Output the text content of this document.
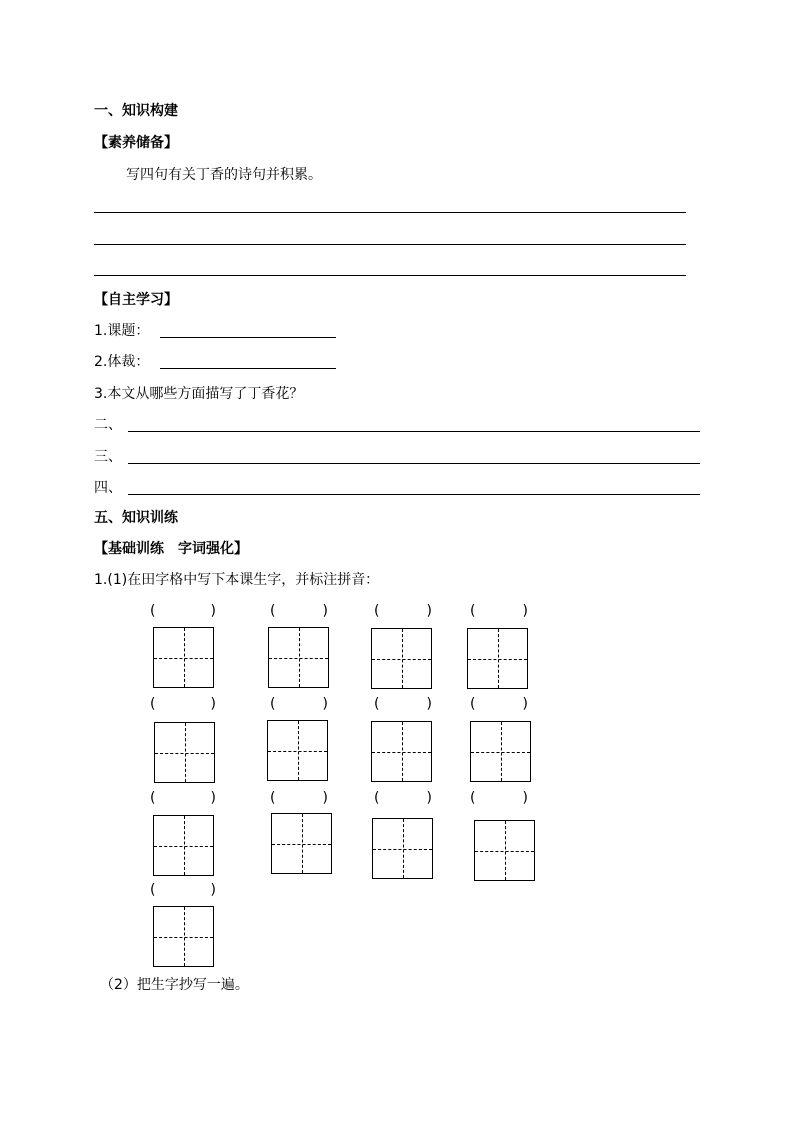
一、知识构建
【素养储备】
写四句有关丁香的诗句并积累。
【自主学习】
1.课题：
2.体裁：
3.本文从哪些方面描写了丁香花？
二、
三、
四、
五、知识训练
【基础训练　字词强化】
1.(1)在田字格中写下本课生字，并标注拼音：
(	)	(	)	(	)	(	)
(	)	(	)	(	)	(	)
(	)	(	)	(	)	(	)
(	)
（2）把生字抄写一遍。
